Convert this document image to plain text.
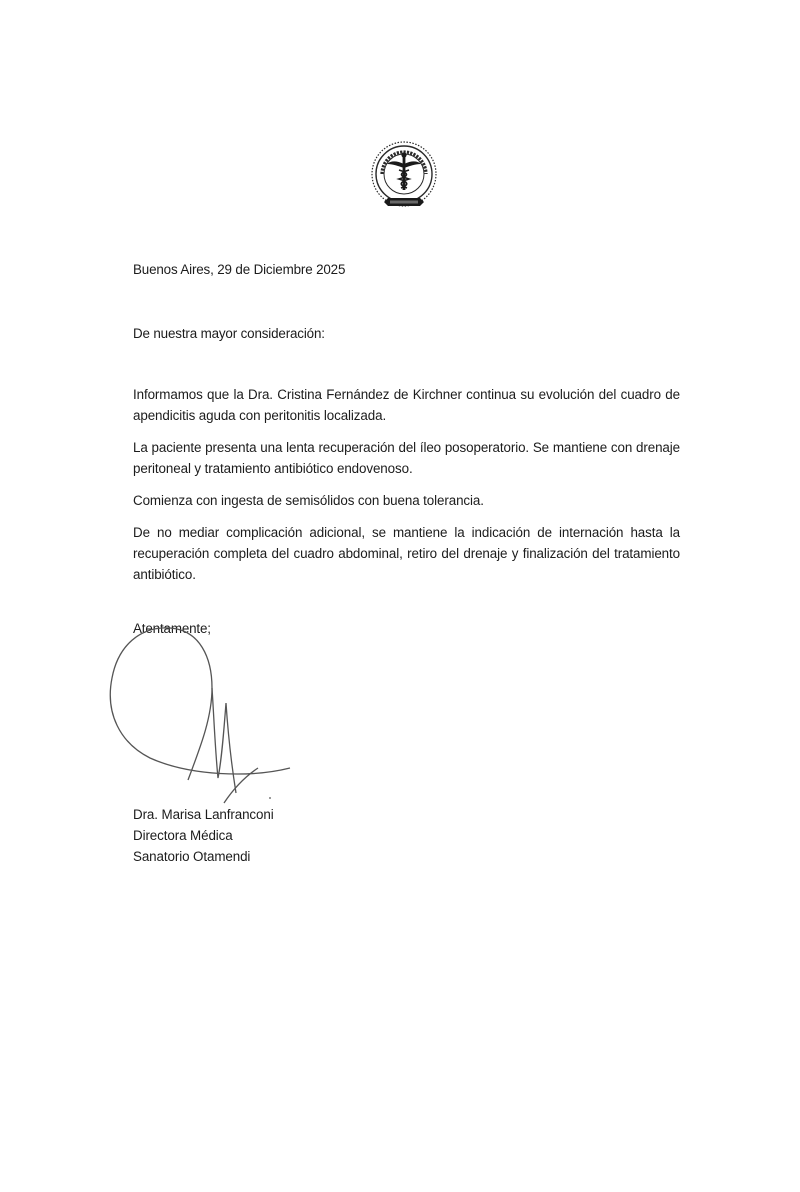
Buenos Aires, 29 de Diciembre 2025
De nuestra mayor consideración:

Informamos que la Dra. Cristina Fernández de Kirchner continua su evolución del cuadro de apendicitis aguda con peritonitis localizada.

La paciente presenta una lenta recuperación del íleo posoperatorio. Se mantiene con drenaje peritoneal y tratamiento antibiótico endovenoso.

Comienza con ingesta de semisólidos con buena tolerancia.

De no mediar complicación adicional, se mantiene la indicación de internación hasta la recuperación completa del cuadro abdominal, retiro del drenaje y finalización del tratamiento antibiótico.

Atentamente;
Dra. Marisa Lanfranconi
Directora Médica
Sanatorio Otamendi
